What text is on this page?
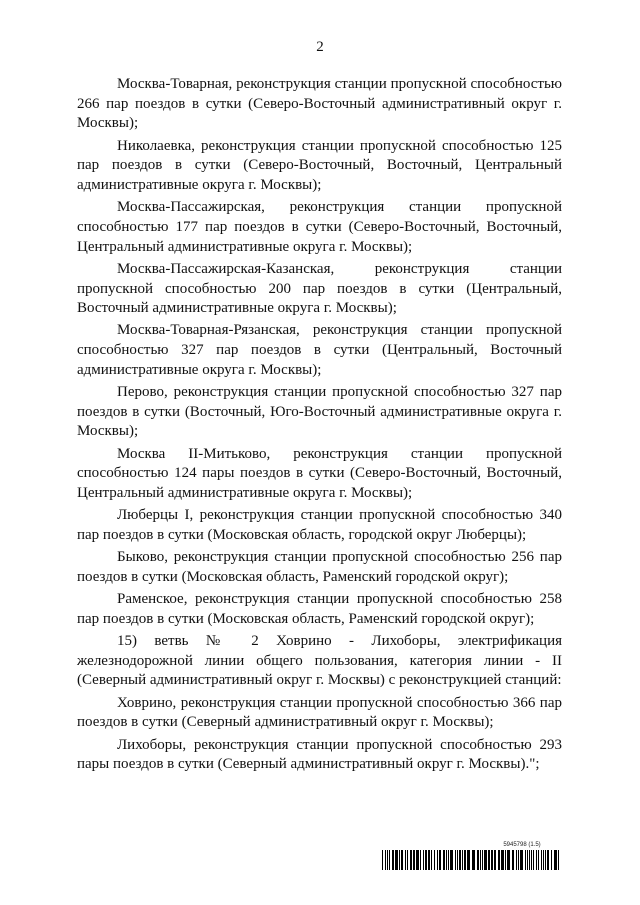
2

Москва-Товарная, реконструкция станции пропускной способностью 266 пар поездов в сутки (Северо-Восточный административный округ г. Москвы);

Николаевка, реконструкция станции пропускной способностью 125 пар поездов в сутки (Северо-Восточный, Восточный, Центральный административные округа г. Москвы);

Москва-Пассажирская, реконструкция станции пропускной способностью 177 пар поездов в сутки (Северо-Восточный, Восточный, Центральный административные округа г. Москвы);

Москва-Пассажирская-Казанская, реконструкция станции пропускной способностью 200 пар поездов в сутки (Центральный, Восточный административные округа г. Москвы);

Москва-Товарная-Рязанская, реконструкция станции пропускной способностью 327 пар поездов в сутки (Центральный, Восточный административные округа г. Москвы);

Перово, реконструкция станции пропускной способностью 327 пар поездов в сутки (Восточный, Юго-Восточный административные округа г. Москвы);

Москва II-Митьково, реконструкция станции пропускной способностью 124 пары поездов в сутки (Северо-Восточный, Восточный, Центральный административные округа г. Москвы);

Люберцы I, реконструкция станции пропускной способностью 340 пар поездов в сутки (Московская область, городской округ Люберцы);

Быково, реконструкция станции пропускной способностью 256 пар поездов в сутки (Московская область, Раменский городской округ);

Раменское, реконструкция станции пропускной способностью 258 пар поездов в сутки (Московская область, Раменский городской округ);

15) ветвь № 2 Ховрино - Лихоборы, электрификация железнодорожной линии общего пользования, категория линии - II (Северный административный округ г. Москвы) с реконструкцией станций:

Ховрино, реконструкция станции пропускной способностью 366 пар поездов в сутки (Северный административный округ г. Москвы);

Лихоборы, реконструкция станции пропускной способностью 293 пары поездов в сутки (Северный административный округ г. Москвы).";

5945798 (1.5)
